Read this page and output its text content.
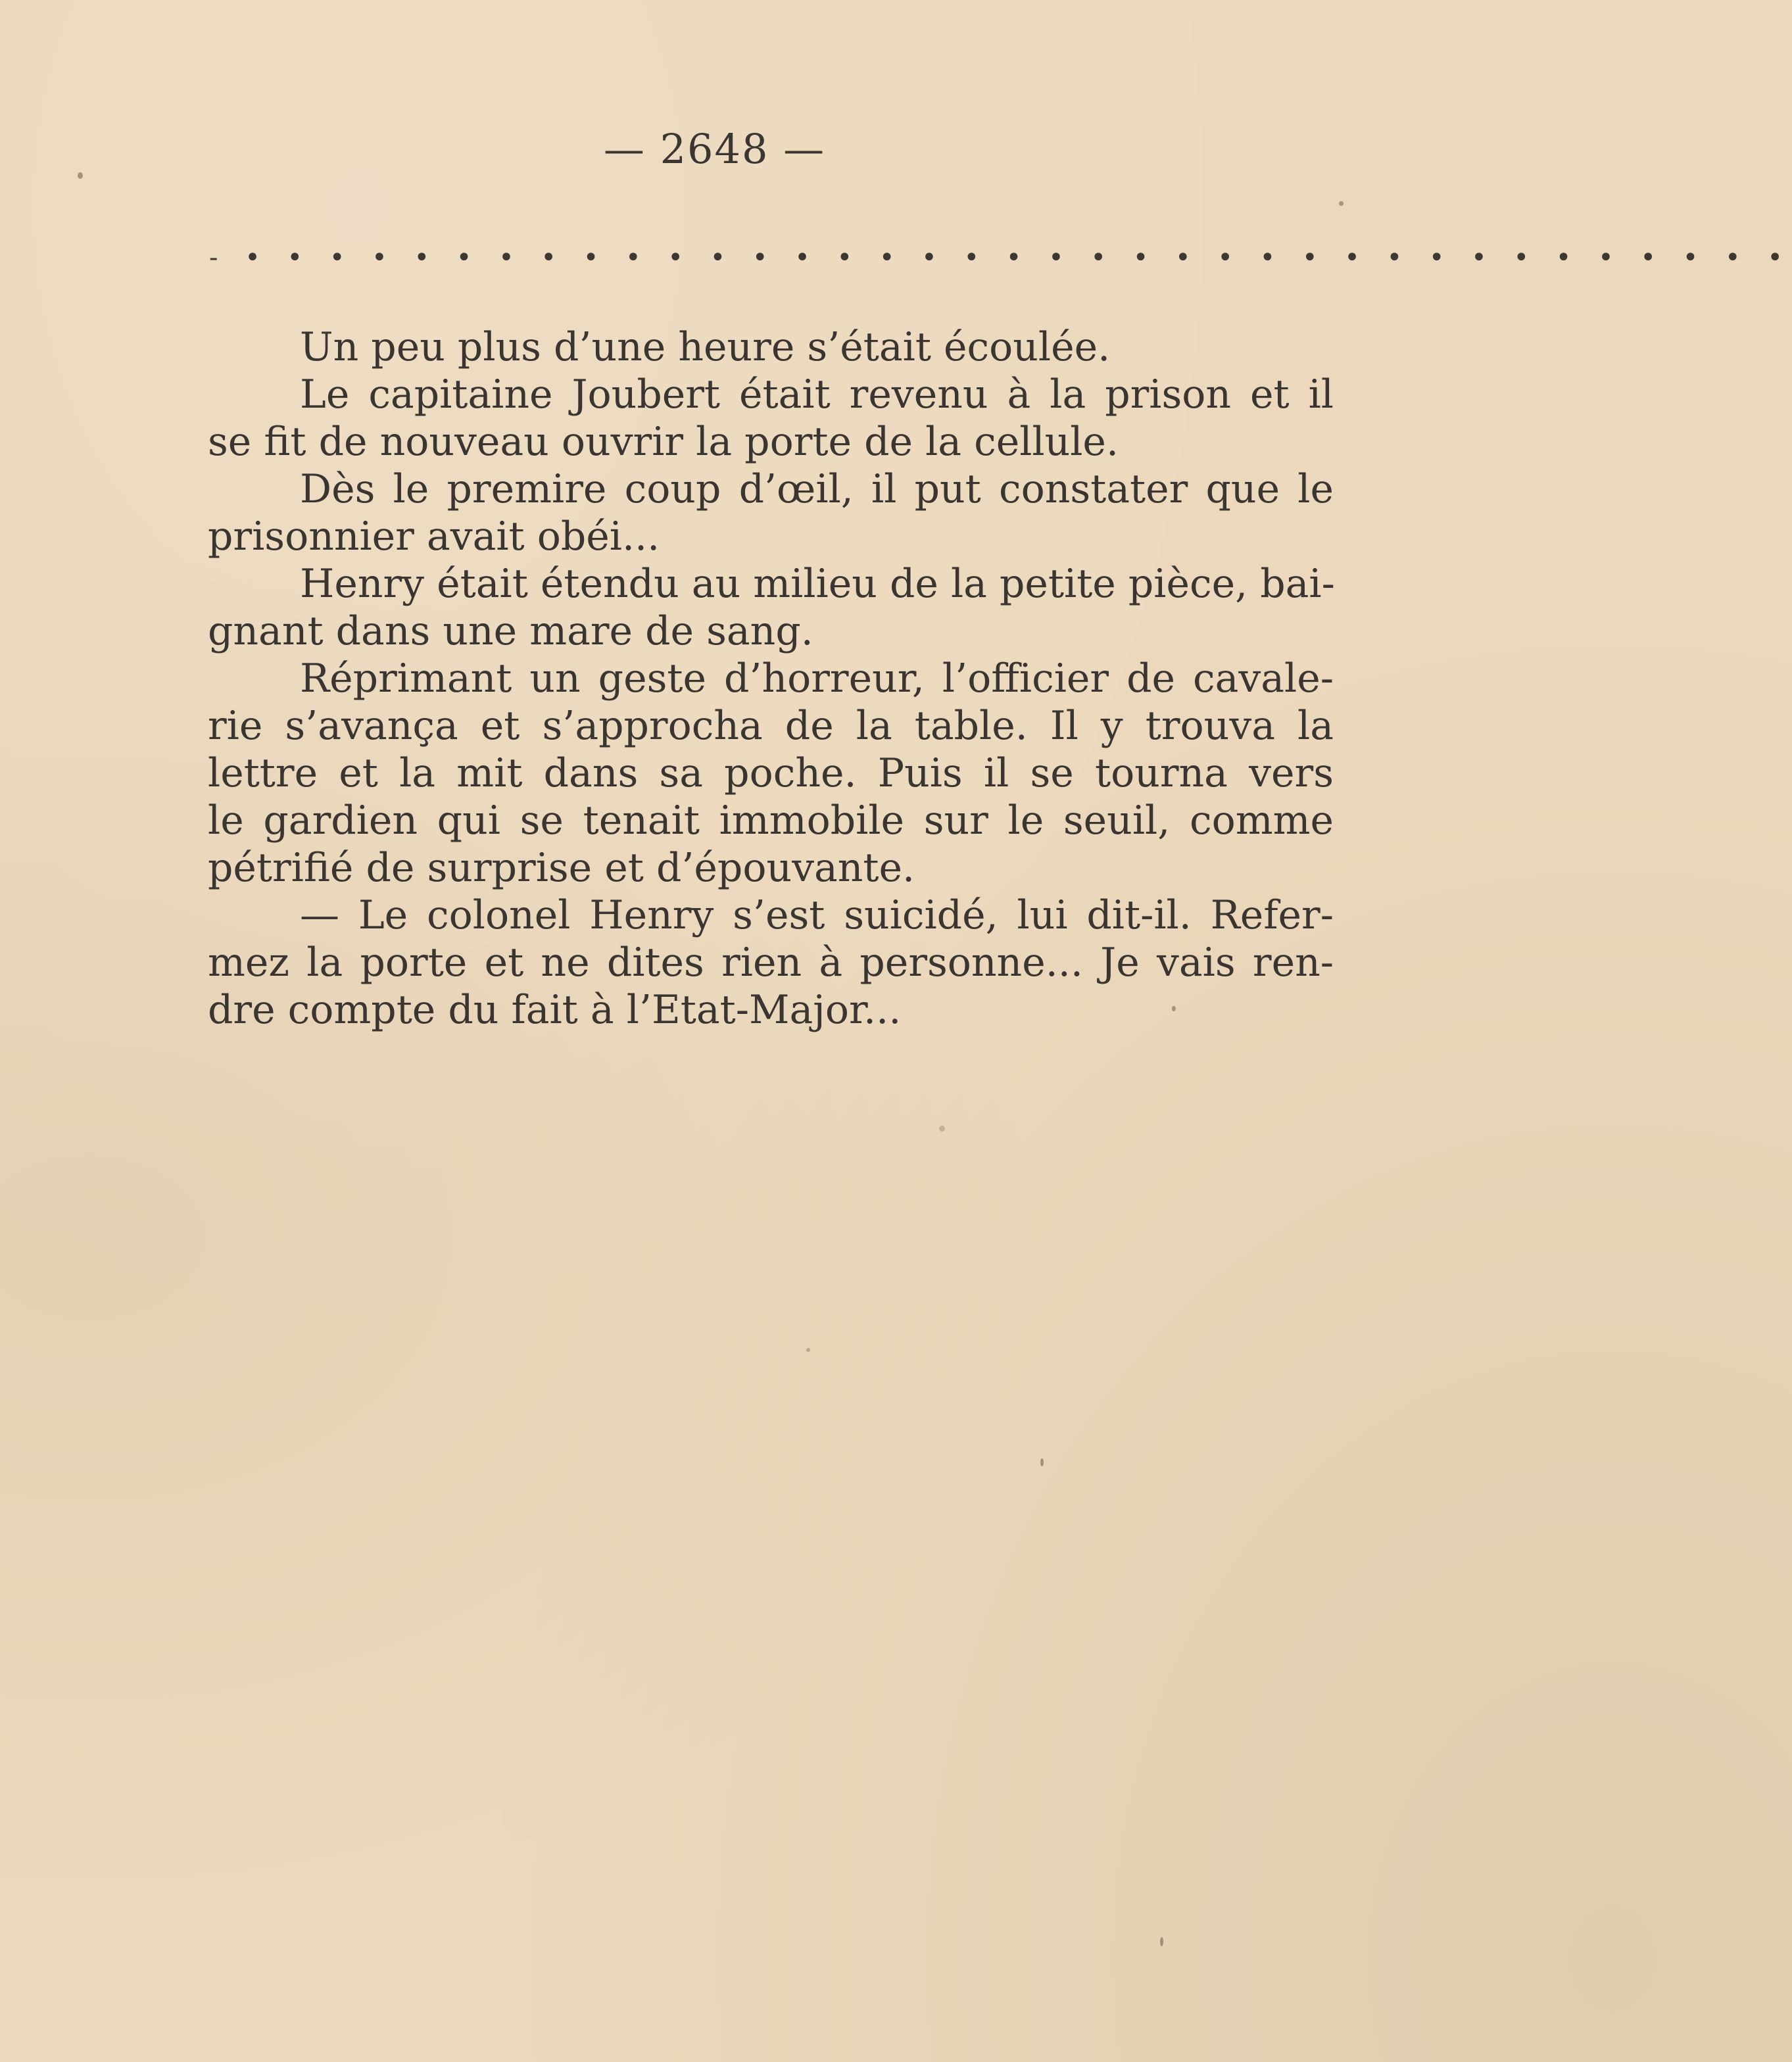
— 2648 —
- • • • • • • • • • • • • • • • • • • • • • • • • • • • • • • • • • • • • •
Un peu plus d’une heure s’était écoulée.
Le capitaine Joubert était revenu à la prison et il
se fit de nouveau ouvrir la porte de la cellule.
Dès le premire coup d’œil, il put constater que le
prisonnier avait obéi...
Henry était étendu au milieu de la petite pièce, bai-
gnant dans une mare de sang.
Réprimant un geste d’horreur, l’officier de cavale-
rie s’avança et s’approcha de la table. Il y trouva la
lettre et la mit dans sa poche. Puis il se tourna vers
le gardien qui se tenait immobile sur le seuil, comme
pétrifié de surprise et d’épouvante.
— Le colonel Henry s’est suicidé, lui dit-il. Refer-
mez la porte et ne dites rien à personne... Je vais ren-
dre compte du fait à l’Etat-Major...
